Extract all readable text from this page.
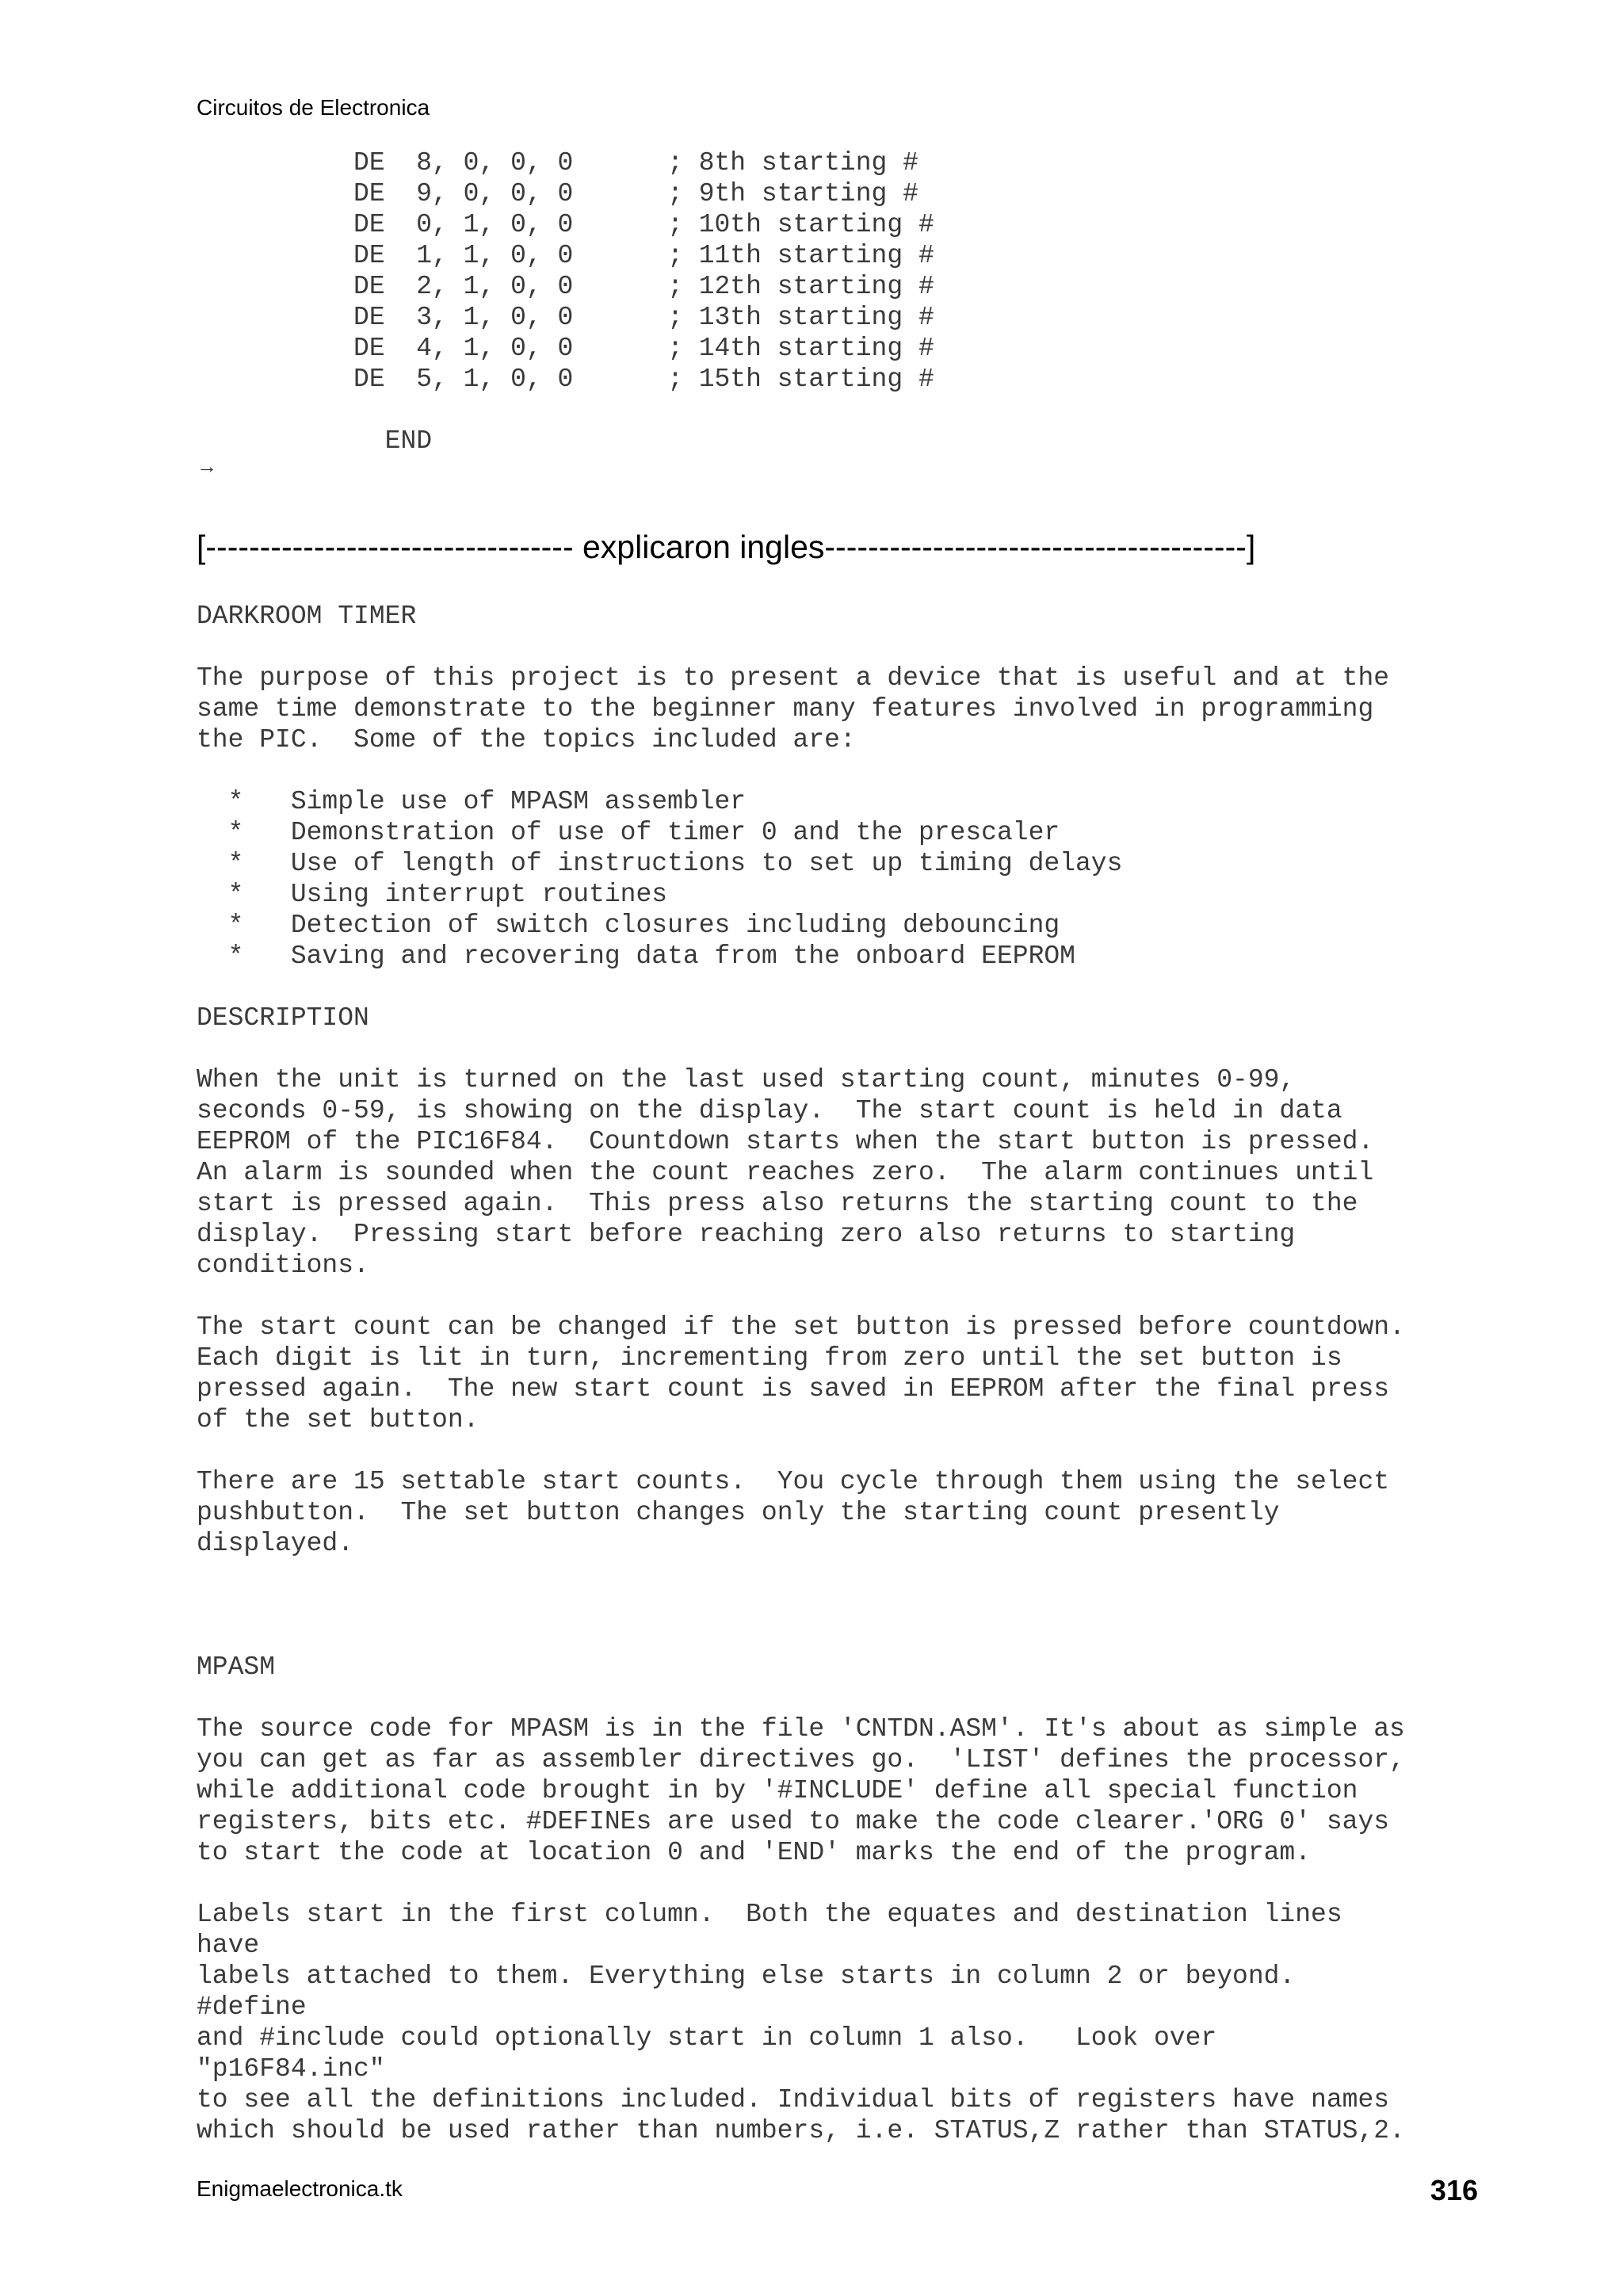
Circuitos de Electronica
DE  8, 0, 0, 0      ; 8th starting #
DE  9, 0, 0, 0      ; 9th starting #
DE  0, 1, 0, 0      ; 10th starting #
DE  1, 1, 0, 0      ; 11th starting #
DE  2, 1, 0, 0      ; 12th starting #
DE  3, 1, 0, 0      ; 13th starting #
DE  4, 1, 0, 0      ; 14th starting #
DE  5, 1, 0, 0      ; 15th starting #

END
→
[---------------------------------- explicaron ingles---------------------------------------]
DARKROOM TIMER

The purpose of this project is to present a device that is useful and at the
same time demonstrate to the beginner many features involved in programming
the PIC.  Some of the topics included are:

*   Simple use of MPASM assembler
*   Demonstration of use of timer 0 and the prescaler
*   Use of length of instructions to set up timing delays
*   Using interrupt routines
*   Detection of switch closures including debouncing
*   Saving and recovering data from the onboard EEPROM

DESCRIPTION

When the unit is turned on the last used starting count, minutes 0-99,
seconds 0-59, is showing on the display.  The start count is held in data
EEPROM of the PIC16F84.  Countdown starts when the start button is pressed.
An alarm is sounded when the count reaches zero.  The alarm continues until
start is pressed again.  This press also returns the starting count to the
display.  Pressing start before reaching zero also returns to starting
conditions.

The start count can be changed if the set button is pressed before countdown.
Each digit is lit in turn, incrementing from zero until the set button is
pressed again.  The new start count is saved in EEPROM after the final press
of the set button.

There are 15 settable start counts.  You cycle through them using the select
pushbutton.  The set button changes only the starting count presently
displayed.

MPASM

The source code for MPASM is in the file 'CNTDN.ASM'. It's about as simple as
you can get as far as assembler directives go.  'LIST' defines the processor,
while additional code brought in by '#INCLUDE' define all special function
registers, bits etc. #DEFINEs are used to make the code clearer.'ORG 0' says
to start the code at location 0 and 'END' marks the end of the program.

Labels start in the first column.  Both the equates and destination lines
have
labels attached to them. Everything else starts in column 2 or beyond.
#define
and #include could optionally start in column 1 also.   Look over
"p16F84.inc"
to see all the definitions included. Individual bits of registers have names
which should be used rather than numbers, i.e. STATUS,Z rather than STATUS,2.
Enigmaelectronica.tk	316
